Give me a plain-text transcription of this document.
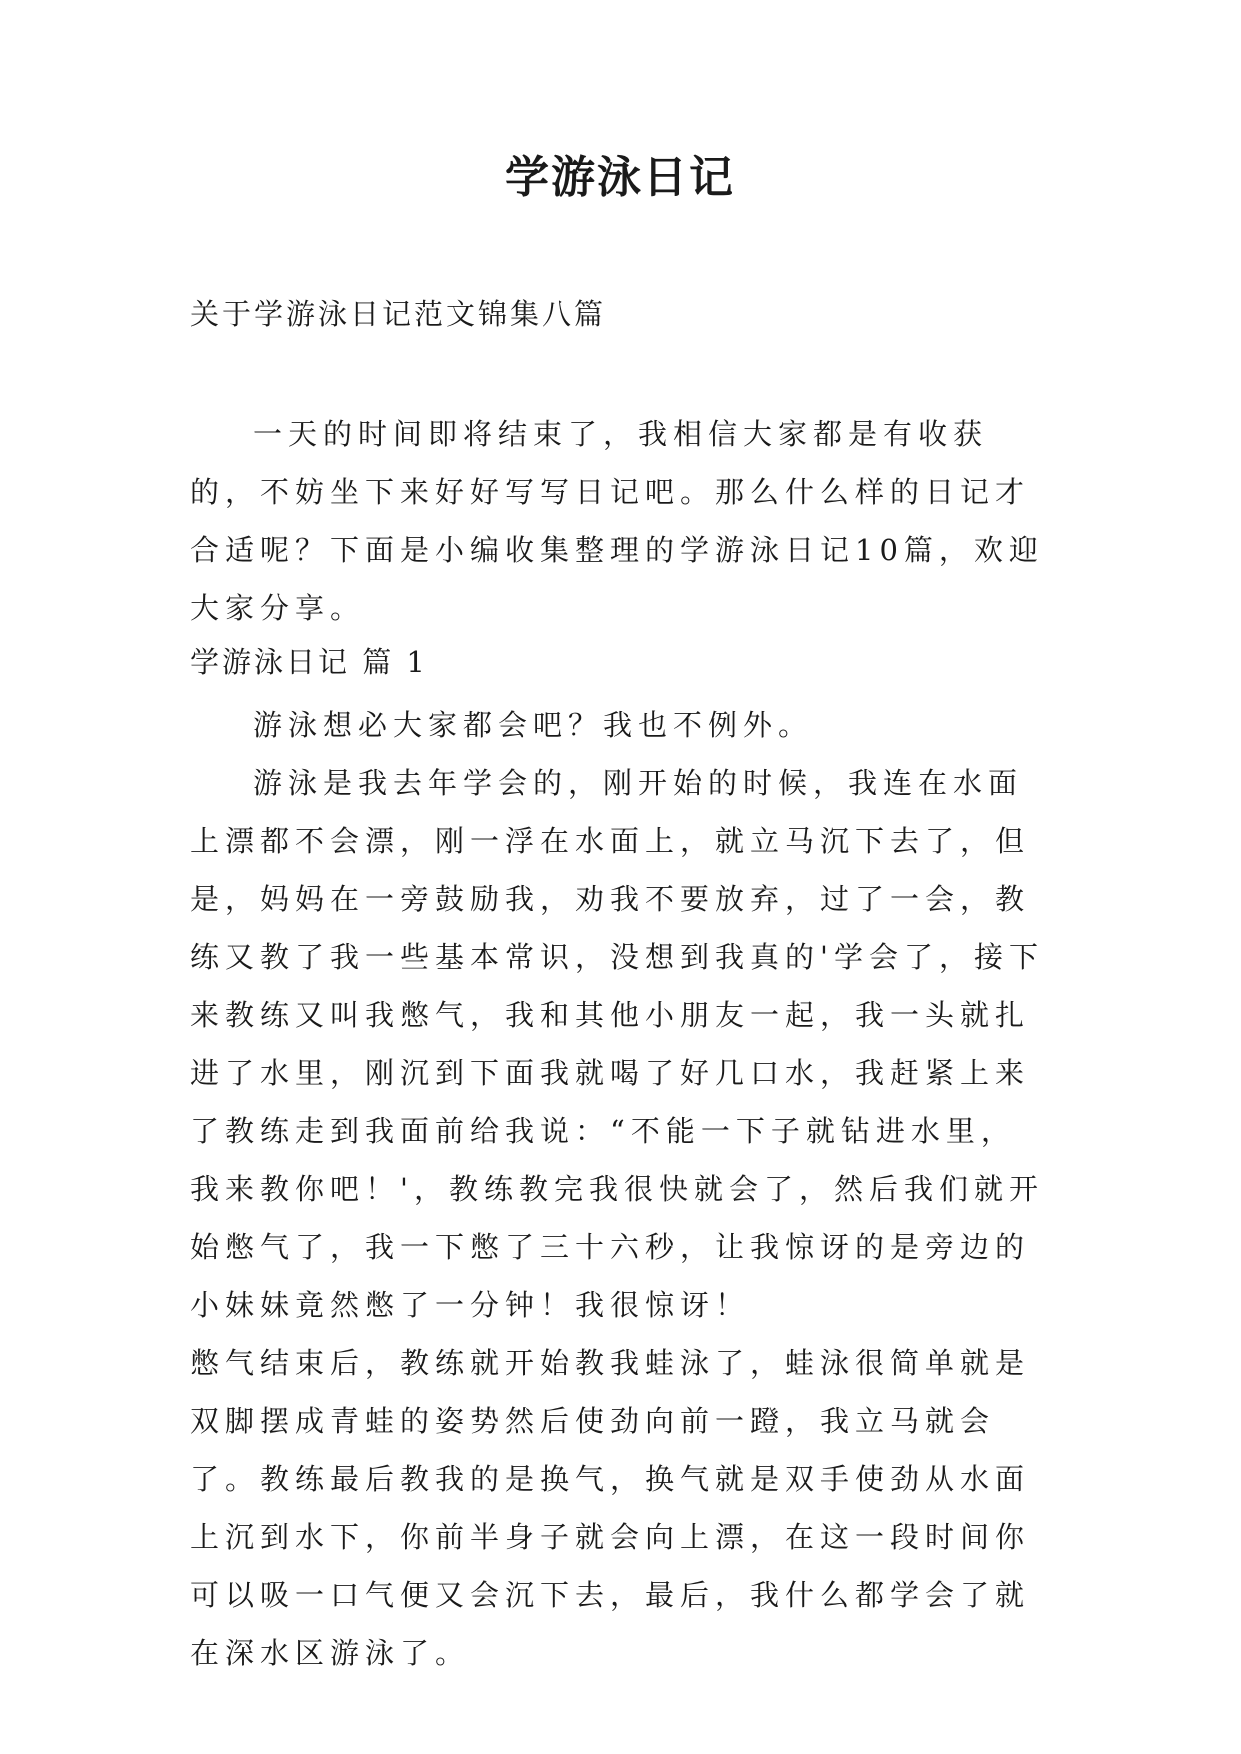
学游泳日记

关于学游泳日记范文锦集八篇

一天的时间即将结束了，我相信大家都是有收获的，不妨坐下来好好写写日记吧。那么什么样的日记才合适呢？下面是小编收集整理的学游泳日记10篇，欢迎大家分享。

学游泳日记 篇 1

游泳想必大家都会吧？我也不例外。

游泳是我去年学会的，刚开始的时候，我连在水面上漂都不会漂，刚一浮在水面上，就立马沉下去了，但是，妈妈在一旁鼓励我，劝我不要放弃，过了一会，教练又教了我一些基本常识，没想到我真的'学会了，接下来教练又叫我憋气，我和其他小朋友一起，我一头就扎进了水里，刚沉到下面我就喝了好几口水，我赶紧上来了教练走到我面前给我说：“不能一下子就钻进水里，我来教你吧！'，教练教完我很快就会了，然后我们就开始憋气了，我一下憋了三十六秒，让我惊讶的是旁边的小妹妹竟然憋了一分钟！我很惊讶！

憋气结束后，教练就开始教我蛙泳了，蛙泳很简单就是双脚摆成青蛙的姿势然后使劲向前一蹬，我立马就会了。教练最后教我的是换气，换气就是双手使劲从水面上沉到水下，你前半身子就会向上漂，在这一段时间你可以吸一口气便又会沉下去，最后，我什么都学会了就在深水区游泳了。
